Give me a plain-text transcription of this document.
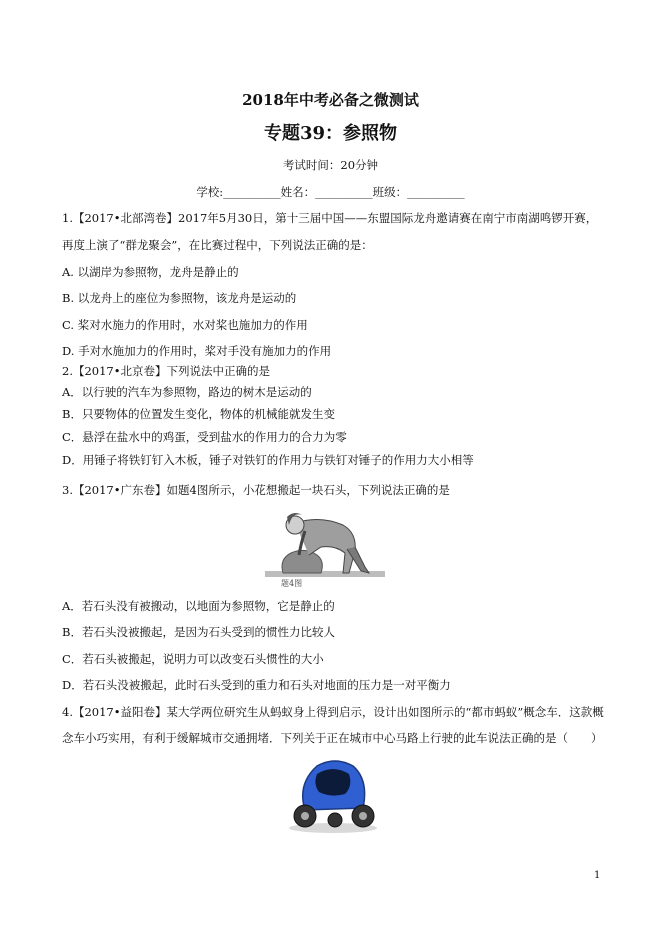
2018年中考必备之微测试
专题39：参照物
考试时间：20分钟
学校:__________姓名：__________班级：__________
1.【2017•北部湾卷】2017年5月30日，第十三届中国——东盟国际龙舟邀请赛在南宁市南湖鸣锣开赛，
再度上演了“群龙聚会”，在比赛过程中，下列说法正确的是：
A. 以湖岸为参照物，龙舟是静止的
B. 以龙舟上的座位为参照物，该龙舟是运动的
C. 桨对水施力的作用时，水对桨也施加力的作用
D. 手对水施加力的作用时，桨对手没有施加力的作用
2.【2017•北京卷】下列说法中正确的是
A．以行驶的汽车为参照物，路边的树木是运动的
B．只要物体的位置发生变化，物体的机械能就发生变
C．悬浮在盐水中的鸡蛋，受到盐水的作用力的合力为零
D．用锤子将铁钉钉入木板，锤子对铁钉的作用力与铁钉对锤子的作用力大小相等
3.【2017•广东卷】如题4图所示，小花想搬起一块石头，下列说法正确的是
题4图
A．若石头没有被搬动，以地面为参照物，它是静止的
B．若石头没被搬起，是因为石头受到的惯性力比较人
C．若石头被搬起，说明力可以改变石头惯性的大小
D．若石头没被搬起，此时石头受到的重力和石头对地面的压力是一对平衡力
4.【2017•益阳卷】某大学两位研究生从蚂蚁身上得到启示，设计出如图所示的“都市蚂蚁”概念车．这款概
念车小巧实用，有利于缓解城市交通拥堵．下列关于正在城市中心马路上行驶的此车说法正确的是（　　）
1
